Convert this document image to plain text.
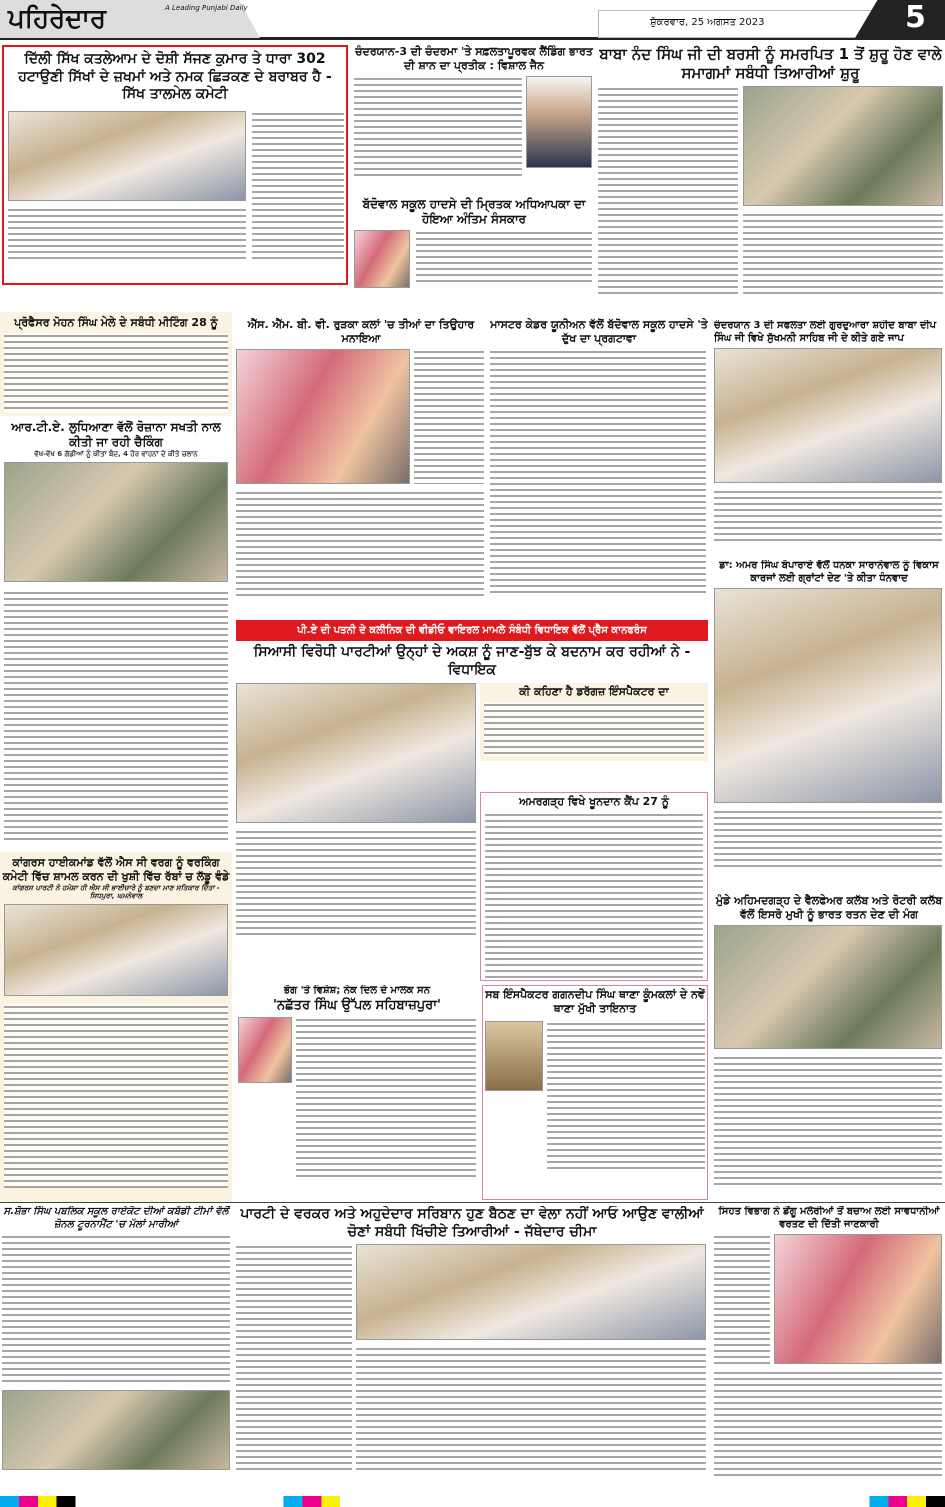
ਪਹਿਰੇਦਾਰ	A Leading Punjabi Daily
ਸ਼ੁੱਕਰਵਾਰ, 25 ਅਗਸਤ 2023	5
ਦਿੱਲੀ ਸਿੱਖ ਕਤਲੇਆਮ ਦੇ ਦੋਸ਼ੀ ਸੱਜਣ ਕੁਮਾਰ ਤੇ ਧਾਰਾ 302 ਹਟਾਉਣੀ ਸਿੱਖਾਂ ਦੇ ਜ਼ਖਮਾਂ ਅਤੇ ਨਮਕ ਛਿੜਕਣ ਦੇ ਬਰਾਬਰ ਹੈ - ਸਿੱਖ ਤਾਲਮੇਲ ਕਮੇਟੀ
ਚੰਦਰਯਾਨ-3 ਦੀ ਚੰਦਰਮਾ 'ਤੇ ਸਫ਼ਲਤਾਪੂਰਵਕ ਲੈਂਡਿੰਗ ਭਾਰਤ ਦੀ ਸ਼ਾਨ ਦਾ ਪ੍ਰਤੀਕ : ਵਿਸ਼ਾਲ ਜੈਨ
ਬੱਦੋਵਾਲ ਸਕੂਲ ਹਾਦਸੇ ਦੀ ਮ੍ਰਿਤਕ ਅਧਿਆਪਕਾ ਦਾ ਹੋਇਆ ਅੰਤਿਮ ਸੰਸਕਾਰ
ਬਾਬਾ ਨੰਦ ਸਿੰਘ ਜੀ ਦੀ ਬਰਸੀ ਨੂੰ ਸਮਰਪਿਤ 1 ਤੋਂ ਸ਼ੁਰੂ ਹੋਣ ਵਾਲੇ ਸਮਾਗਮਾਂ ਸਬੰਧੀ ਤਿਆਰੀਆਂ ਸ਼ੁਰੂ
ਪ੍ਰੋਫੈਸਰ ਮੋਹਨ ਸਿੰਘ ਮੇਲੇ ਦੇ ਸਬੰਧੀ ਮੀਟਿੰਗ 28 ਨੂੰ
ਆਰ.ਟੀ.ਏ. ਲੁਧਿਆਣਾ ਵੱਲੋਂ ਰੋਜ਼ਾਨਾ ਸਖਤੀ ਨਾਲ ਕੀਤੀ ਜਾ ਰਹੀ ਚੈਕਿੰਗ
ਵੱਖ-ਵੱਖ 6 ਗੱਡੀਆਂ ਨੂੰ ਕੀਤਾ ਬੰਦ, 4 ਹੋਰ ਵਾਹਨਾਂ ਦੇ ਕੀਤੇ ਚਲਾਨ
ਕਾਂਗਰਸ ਹਾਈਕਮਾਂਡ ਵੱਲੋਂ ਐਸ ਸੀ ਵਰਗ ਨੂੰ ਵਰਕਿੰਗ ਕਮੇਟੀ ਵਿੱਚ ਸ਼ਾਮਲ ਕਰਨ ਦੀ ਖੁਸ਼ੀ ਵਿੱਚ ਰੱਬਾਂ ਚ ਲੱਡੂ ਵੰਡੇ
ਕਾਂਗਰਸ ਪਾਰਟੀ ਨੇ ਹਮੇਸ਼ਾ ਹੀ ਐਸ ਸੀ ਭਾਈਚਾਰੇ ਨੂੰ ਬਣਦਾ ਮਾਣ ਸਤਿਕਾਰ ਦਿੱਤਾ - ਸਿਧਪੁਰਾ, ਘਮਨੇਵਾਲ
ਐੱਸ. ਐੱਮ. ਬੀ. ਵੀ. ਰੁੜਕਾ ਕਲਾਂ 'ਚ ਤੀਆਂ ਦਾ ਤਿਉਹਾਰ ਮਨਾਇਆ
ਮਾਸਟਰ ਕੇਡਰ ਯੂਨੀਅਨ ਵੱਲੋਂ ਬੱਦੋਵਾਲ ਸਕੂਲ ਹਾਦਸੇ 'ਤੇ ਦੁੱਖ ਦਾ ਪ੍ਰਗਟਾਵਾ
ਪੀ.ਏ ਦੀ ਪਤਨੀ ਦੇ ਕਲੀਨਿਕ ਦੀ ਵੀਡੀਓ ਵਾਇਰਲ ਮਾਮਲੇ ਸੰਬੰਧੀ ਵਿਧਾਇਕ ਵੱਲੋਂ ਪ੍ਰੈੱਸ ਕਾਨਫਰੰਸ
ਸਿਆਸੀ ਵਿਰੋਧੀ ਪਾਰਟੀਆਂ ਉਨ੍ਹਾਂ ਦੇ ਅਕਸ਼ ਨੂੰ ਜਾਣ-ਬੁੱਝ ਕੇ ਬਦਨਾਮ ਕਰ ਰਹੀਆਂ ਨੇ - ਵਿਧਾਇਕ
ਕੀ ਕਹਿਣਾ ਹੈ ਡਰੱਗਜ਼ ਇੰਸਪੈਕਟਰ ਦਾ
ਅਮਰਗੜ੍ਹ ਵਿਖੇ ਖੂਨਦਾਨ ਕੈਂਪ 27 ਨੂੰ
ਭੋਗ 'ਤੇ ਵਿਸ਼ੇਸ਼; ਨੇਕ ਦਿਲ ਦੇ ਮਾਲਕ ਸਨ
'ਨਛੱਤਰ ਸਿੰਘ ਉੱਪਲ ਸਹਿਬਾਜ਼ਪੁਰਾ'
ਸਬ ਇੰਸਪੈਕਟਰ ਗਗਨਦੀਪ ਸਿੰਘ ਥਾਣਾ ਕੂੰਮਕਲਾਂ ਦੇ ਨਵੇਂ ਥਾਣਾ ਮੁੱਖੀ ਤਾਇਨਾਤ
ਚੰਦਰਯਾਨ 3 ਦੀ ਸਫਲਤਾ ਲਈ ਗੁਰਦੁਆਰਾ ਸ਼ਹੀਦ ਬਾਬਾ ਦੀਪ ਸਿੰਘ ਜੀ ਵਿਖੇ ਸੁੱਖਮਨੀ ਸਾਹਿਬ ਜੀ ਦੇ ਕੀਤੇ ਗਏ ਜਾਪ
ਡਾ: ਅਮਰ ਸਿੰਘ ਬੋਪਾਰਾਏ ਵੱਲੋਂ ਧਨਕਾ ਸਾਰਾਨੇਵਾਲ ਨੂੰ ਵਿਕਾਸ ਕਾਰਜਾਂ ਲਈ ਗ੍ਰਾਂਟਾਂ ਦੇਣ 'ਤੇ ਕੀਤਾ ਧੰਨਵਾਦ
ਮੁੰਡੇ ਅਹਿਮਦਗੜ੍ਹ ਦੇ ਵੈਲਫੇਅਰ ਕਲੱਬ ਅਤੇ ਰੋਟਰੀ ਕਲੱਬ ਵੱਲੋਂ ਇਸਰੋ ਮੁਖੀ ਨੂੰ ਭਾਰਤ ਰਤਨ ਦੇਣ ਦੀ ਮੰਗ
ਸ.ਸ਼ੋਭਾ ਸਿੰਘ ਪਬਲਿਕ ਸਕੂਲ ਰਾਏਕੋਟ ਦੀਆਂ ਕਬੱਡੀ ਟੀਮਾਂ ਵੱਲੋਂ ਜ਼ੋਨਲ ਟੂਰਨਾਮੈਂਟ 'ਚ ਮੱਲਾਂ ਮਾਰੀਆਂ
ਪਾਰਟੀ ਦੇ ਵਰਕਰ ਅਤੇ ਅਹੁਦੇਦਾਰ ਸਰਿਬਾਨ ਹੁਣ ਬੈਠਣ ਦਾ ਵੇਲਾ ਨਹੀਂ ਆਓ ਆਉਣ ਵਾਲੀਆਂ ਚੋਣਾਂ ਸਬੰਧੀ ਖਿੱਚੀਏ ਤਿਆਰੀਆਂ - ਜੱਥੇਦਾਰ ਚੀਮਾ
ਸਿਹਤ ਵਿਭਾਗ ਨੇ ਡੇਂਗੂ ਮਲੇਰੀਆਂ ਤੋਂ ਬਚਾਅ ਲਈ ਸਾਵਧਾਨੀਆਂ ਵਰਤਣ ਦੀ ਦਿੱਤੀ ਜਾਣਕਾਰੀ
